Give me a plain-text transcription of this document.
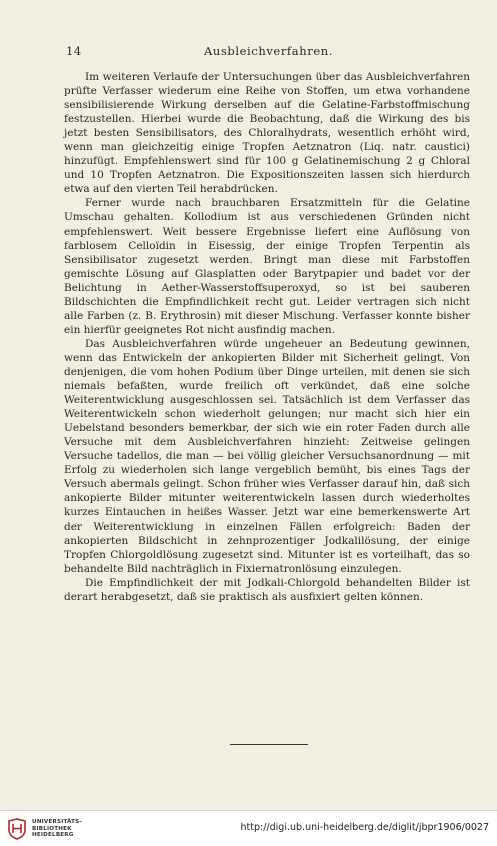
14	Ausbleichverfahren.

Im weiteren Verlaufe der Untersuchungen über das Ausbleichverfahren prüfte Verfasser wiederum eine Reihe von Stoffen, um etwa vorhandene sensibilisierende Wirkung derselben auf die Gelatine-Farbstoffmischung festzustellen. Hierbei wurde die Beobachtung, daß die Wirkung des bis jetzt besten Sensibilisators, des Chloralhydrats, wesentlich erhöht wird, wenn man gleichzeitig einige Tropfen Aetznatron (Liq. natr. caustici) hinzufügt. Empfehlenswert sind für 100 g Gelatinemischung 2 g Chloral und 10 Tropfen Aetznatron. Die Expositionszeiten lassen sich hierdurch etwa auf den vierten Teil herabdrücken.

Ferner wurde nach brauchbaren Ersatzmitteln für die Gelatine Umschau gehalten. Kollodium ist aus verschiedenen Gründen nicht empfehlenswert. Weit bessere Ergebnisse liefert eine Auflösung von farblosem Celloïdin in Eisessig, der einige Tropfen Terpentin als Sensibilisator zugesetzt werden. Bringt man diese mit Farbstoffen gemischte Lösung auf Glasplatten oder Barytpapier und badet vor der Belichtung in Aether-Wasserstoffsuperoxyd, so ist bei sauberen Bildschichten die Empfindlichkeit recht gut. Leider vertragen sich nicht alle Farben (z. B. Erythrosin) mit dieser Mischung. Verfasser konnte bisher ein hierfür geeignetes Rot nicht ausfindig machen.

Das Ausbleichverfahren würde ungeheuer an Bedeutung gewinnen, wenn das Entwickeln der ankopierten Bilder mit Sicherheit gelingt. Von denjenigen, die vom hohen Podium über Dinge urteilen, mit denen sie sich niemals befaßten, wurde freilich oft verkündet, daß eine solche Weiterentwicklung ausgeschlossen sei. Tatsächlich ist dem Verfasser das Weiterentwickeln schon wiederholt gelungen; nur macht sich hier ein Uebelstand besonders bemerkbar, der sich wie ein roter Faden durch alle Versuche mit dem Ausbleichverfahren hinzieht: Zeitweise gelingen Versuche tadellos, die man — bei völlig gleicher Versuchsanordnung — mit Erfolg zu wiederholen sich lange vergeblich bemüht, bis eines Tags der Versuch abermals gelingt. Schon früher wies Verfasser darauf hin, daß sich ankopierte Bilder mitunter weiterentwickeln lassen durch wiederholtes kurzes Eintauchen in heißes Wasser. Jetzt war eine bemerkenswerte Art der Weiterentwicklung in einzelnen Fällen erfolgreich: Baden der ankopierten Bildschicht in zehnprozentiger Jodkalilösung, der einige Tropfen Chlorgoldlösung zugesetzt sind. Mitunter ist es vorteilhaft, das so behandelte Bild nachträglich in Fixiernatronlösung einzulegen.

Die Empfindlichkeit der mit Jodkali-Chlorgold behandelten Bilder ist derart herabgesetzt, daß sie praktisch als ausfixiert gelten können.

UNIVERSITÄTS-
BIBLIOTHEK
HEIDELBERG
http://digi.ub.uni-heidelberg.de/diglit/jbpr1906/0027
